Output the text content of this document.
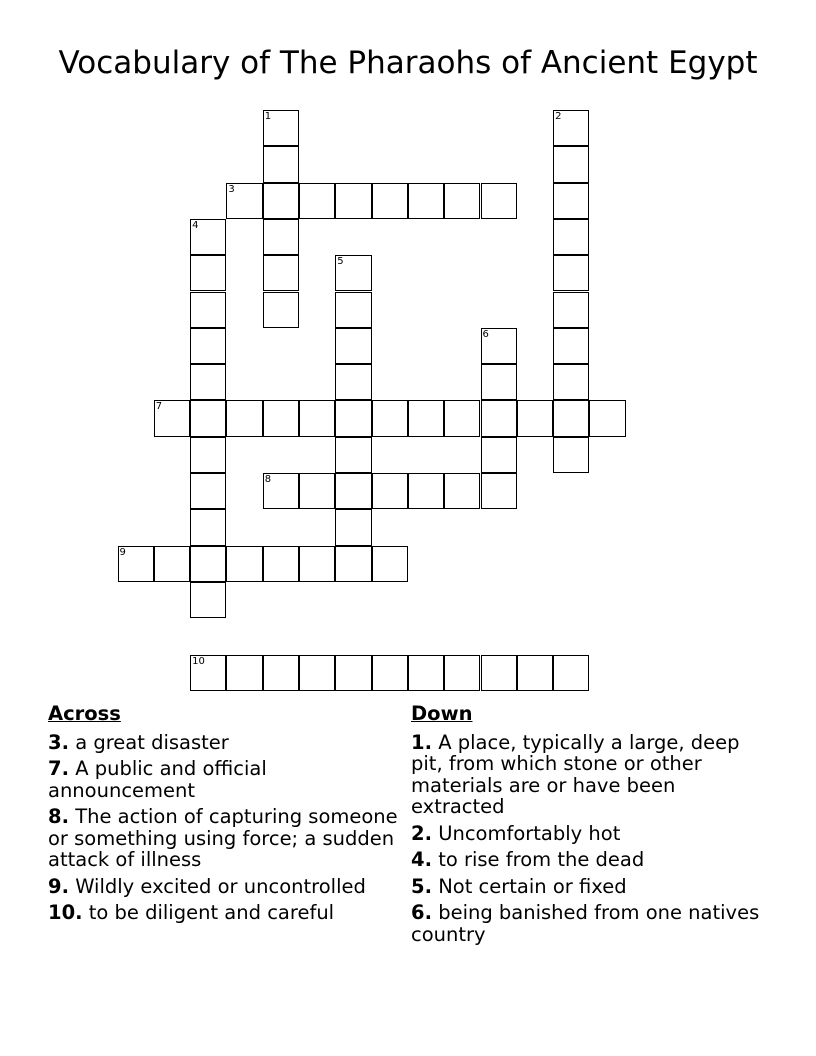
Vocabulary of The Pharaohs of Ancient Egypt
1	2
3
4
5
6
7
8
9
10
Across
3. a great disaster
7. A public and official announcement
8. The action of capturing someone or something using force; a sudden attack of illness
9. Wildly excited or uncontrolled
10. to be diligent and careful
Down
1. A place, typically a large, deep pit, from which stone or other materials are or have been extracted
2. Uncomfortably hot
4. to rise from the dead
5. Not certain or fixed
6. being banished from one natives country
